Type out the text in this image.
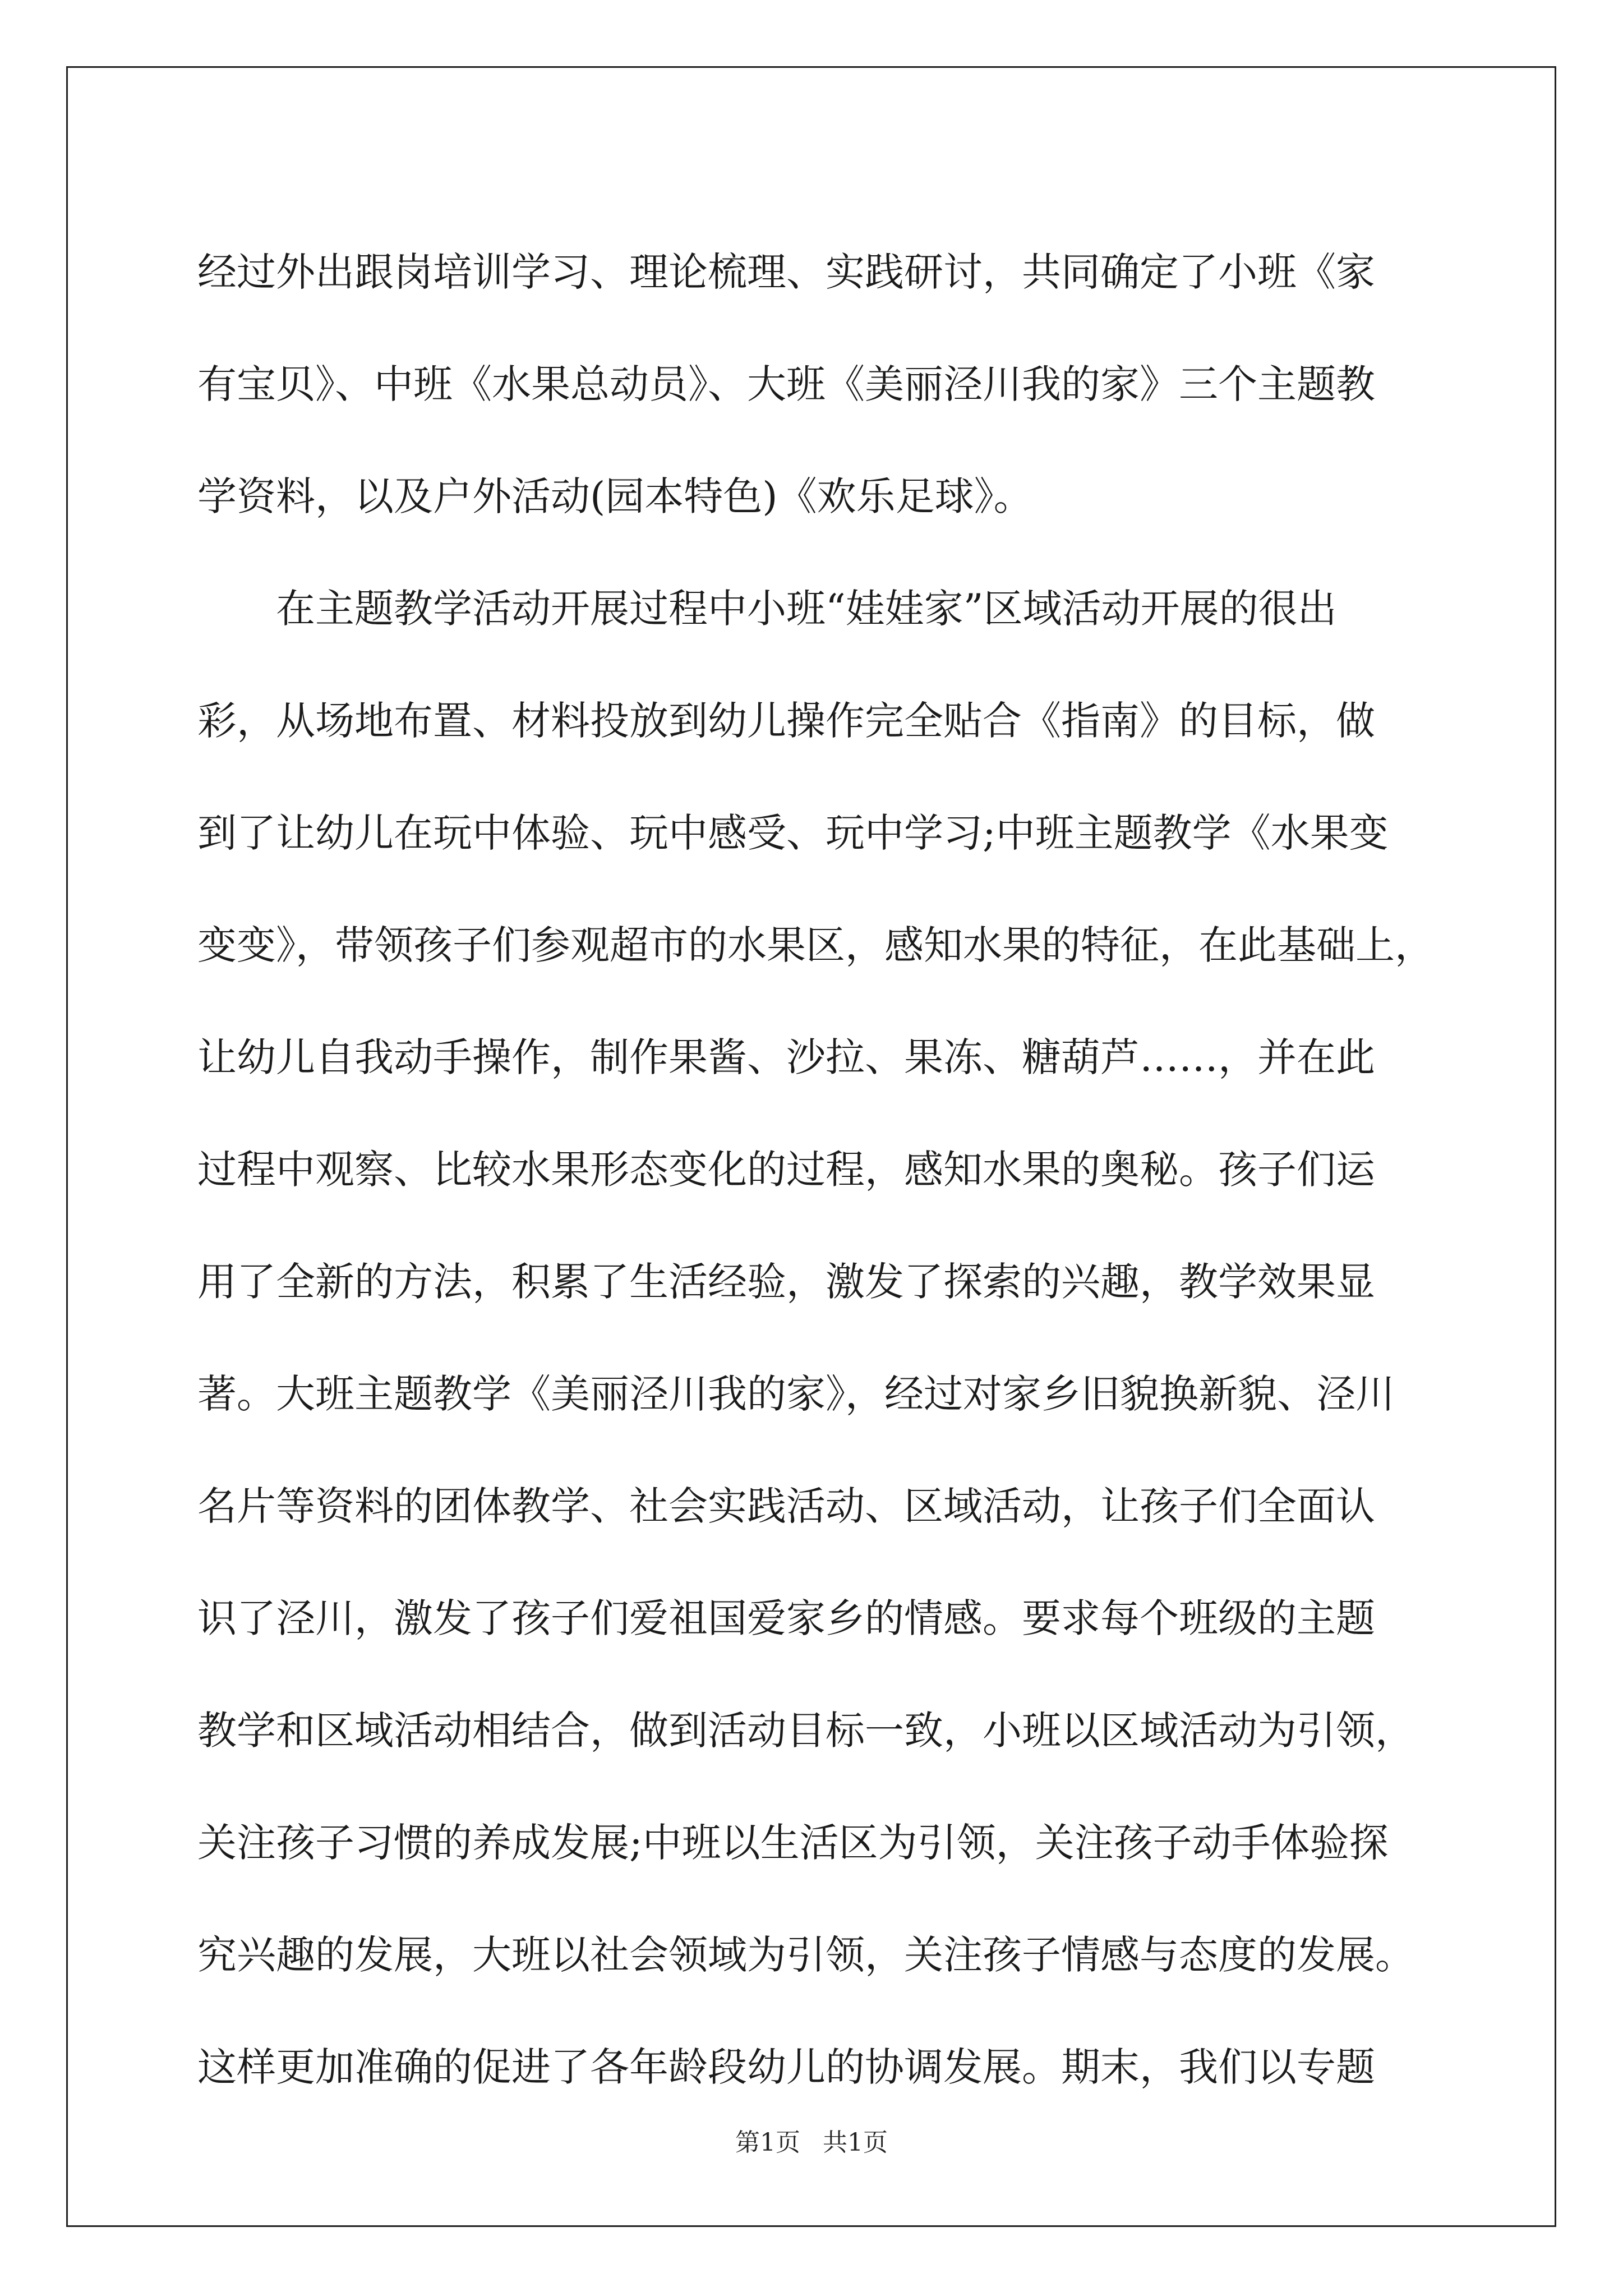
经过外出跟岗培训学习、理论梳理、实践研讨，共同确定了小班《家
有宝贝》、中班《水果总动员》、大班《美丽泾川我的家》三个主题教
学资料，以及户外活动(园本特色)《欢乐足球》。
在主题教学活动开展过程中小班“娃娃家”区域活动开展的很出
彩，从场地布置、材料投放到幼儿操作完全贴合《指南》的目标，做
到了让幼儿在玩中体验、玩中感受、玩中学习;中班主题教学《水果变
变变》，带领孩子们参观超市的水果区，感知水果的特征，在此基础上，
让幼儿自我动手操作，制作果酱、沙拉、果冻、糖葫芦……，并在此
过程中观察、比较水果形态变化的过程，感知水果的奥秘。孩子们运
用了全新的方法，积累了生活经验，激发了探索的兴趣，教学效果显
著。大班主题教学《美丽泾川我的家》，经过对家乡旧貌换新貌、泾川
名片等资料的团体教学、社会实践活动、区域活动，让孩子们全面认
识了泾川，激发了孩子们爱祖国爱家乡的情感。要求每个班级的主题
教学和区域活动相结合，做到活动目标一致，小班以区域活动为引领，
关注孩子习惯的养成发展;中班以生活区为引领，关注孩子动手体验探
究兴趣的发展，大班以社会领域为引领，关注孩子情感与态度的发展。
这样更加准确的促进了各年龄段幼儿的协调发展。期末，我们以专题
第1页 共1页
